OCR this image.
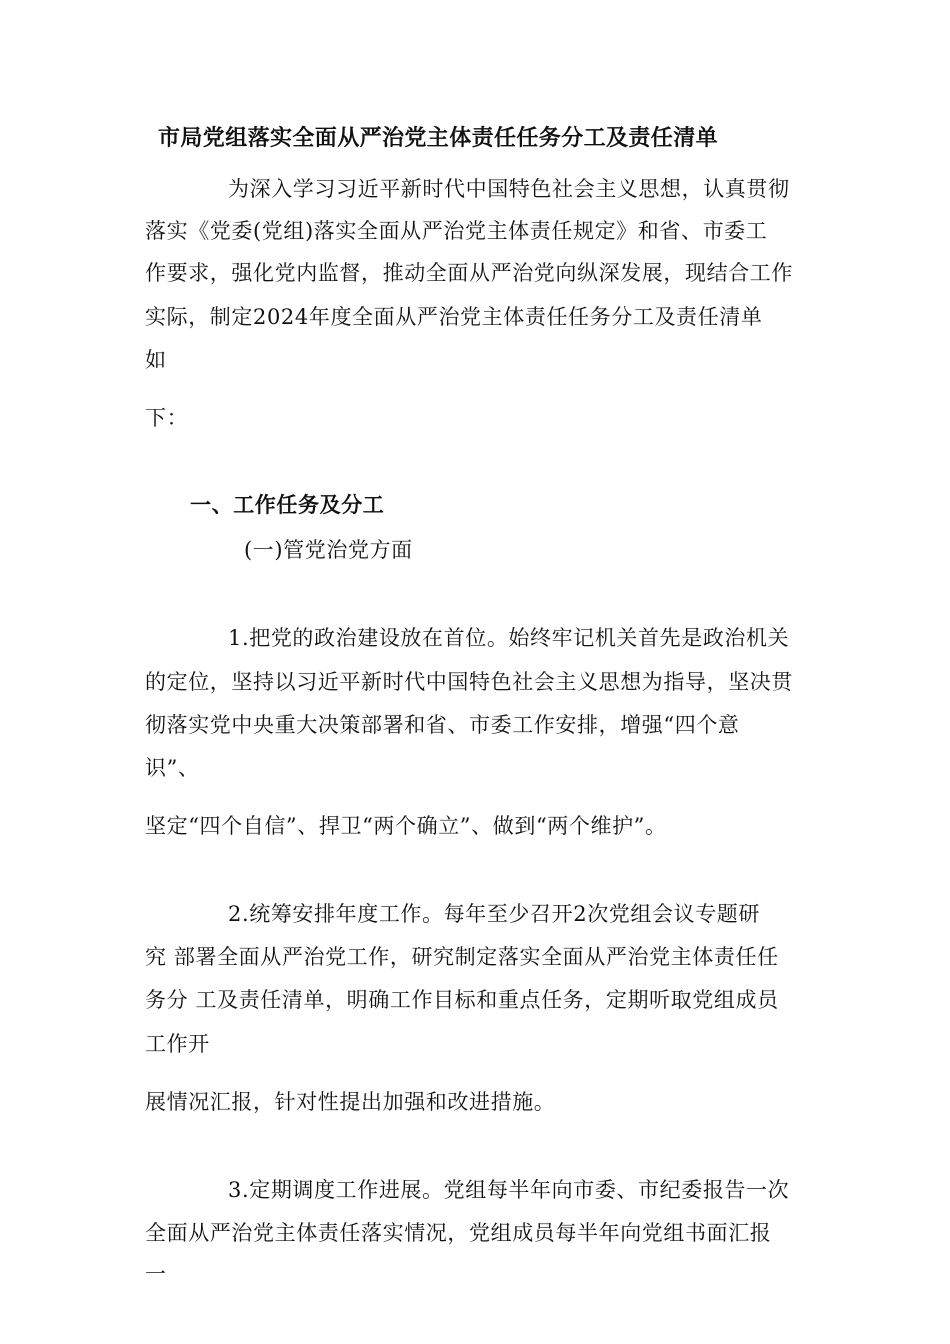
市局党组落实全面从严治党主体责任任务分工及责任清单
为深入学习习近平新时代中国特色社会主义思想，认真贯彻
落实《党委(党组)落实全面从严治党主体责任规定》和省、市委工
作要求，强化党内监督，推动全面从严治党向纵深发展，现结合工作
实际，制定2024年度全面从严治党主体责任任务分工及责任清单
如
下：
一、工作任务及分工
(一)管党治党方面
1.把党的政治建设放在首位。始终牢记机关首先是政治机关
的定位，坚持以习近平新时代中国特色社会主义思想为指导，坚决贯
彻落实党中央重大决策部署和省、市委工作安排，增强“四个意
识”、
坚定“四个自信”、捍卫“两个确立”、做到“两个维护”。
2.统筹安排年度工作。每年至少召开2次党组会议专题研
究 部署全面从严治党工作，研究制定落实全面从严治党主体责任任
务分 工及责任清单，明确工作目标和重点任务，定期听取党组成员
工作开
展情况汇报，针对性提出加强和改进措施。
3.定期调度工作进展。党组每半年向市委、市纪委报告一次
全面从严治党主体责任落实情况，党组成员每半年向党组书面汇报
一
